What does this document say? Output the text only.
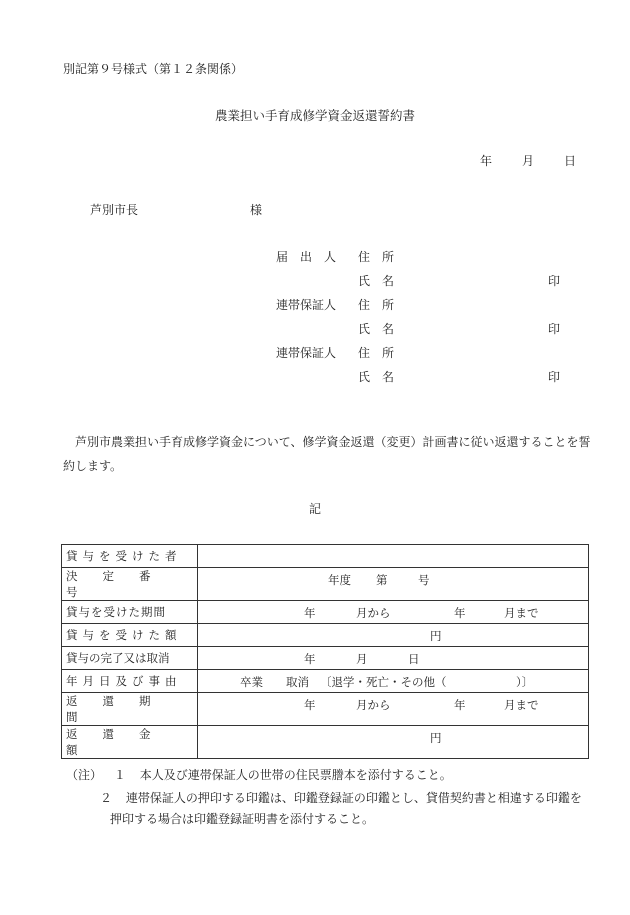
別記第９号様式（第１２条関係）
農業担い手育成修学資金返還誓約書
年 月 日
芦別市長	様
届　出　人 住　所
氏　名	印
連帯保証人 住　所
氏　名	印
連帯保証人 住　所
氏　名	印
芦別市農業担い手育成修学資金について、修学資金返還（変更）計画書に従い返還することを誓約します。
記
貸与を受けた者	
決定番号	年度 第 号

貸与を受けた期間	年 月から 年 月まで

貸与を受けた額	円

貸与の完了又は取消	年 月 日

年月日及び事由	卒業 取消 〔退学・死亡・その他（ ）〕

返還期間	年 月から 年 月まで

返還金額	円
（注） １ 本人及び連帯保証人の世帯の住民票謄本を添付すること。
２ 連帯保証人の押印する印鑑は、印鑑登録証の印鑑とし、貸借契約書と相違する印鑑を
押印する場合は印鑑登録証明書を添付すること。
